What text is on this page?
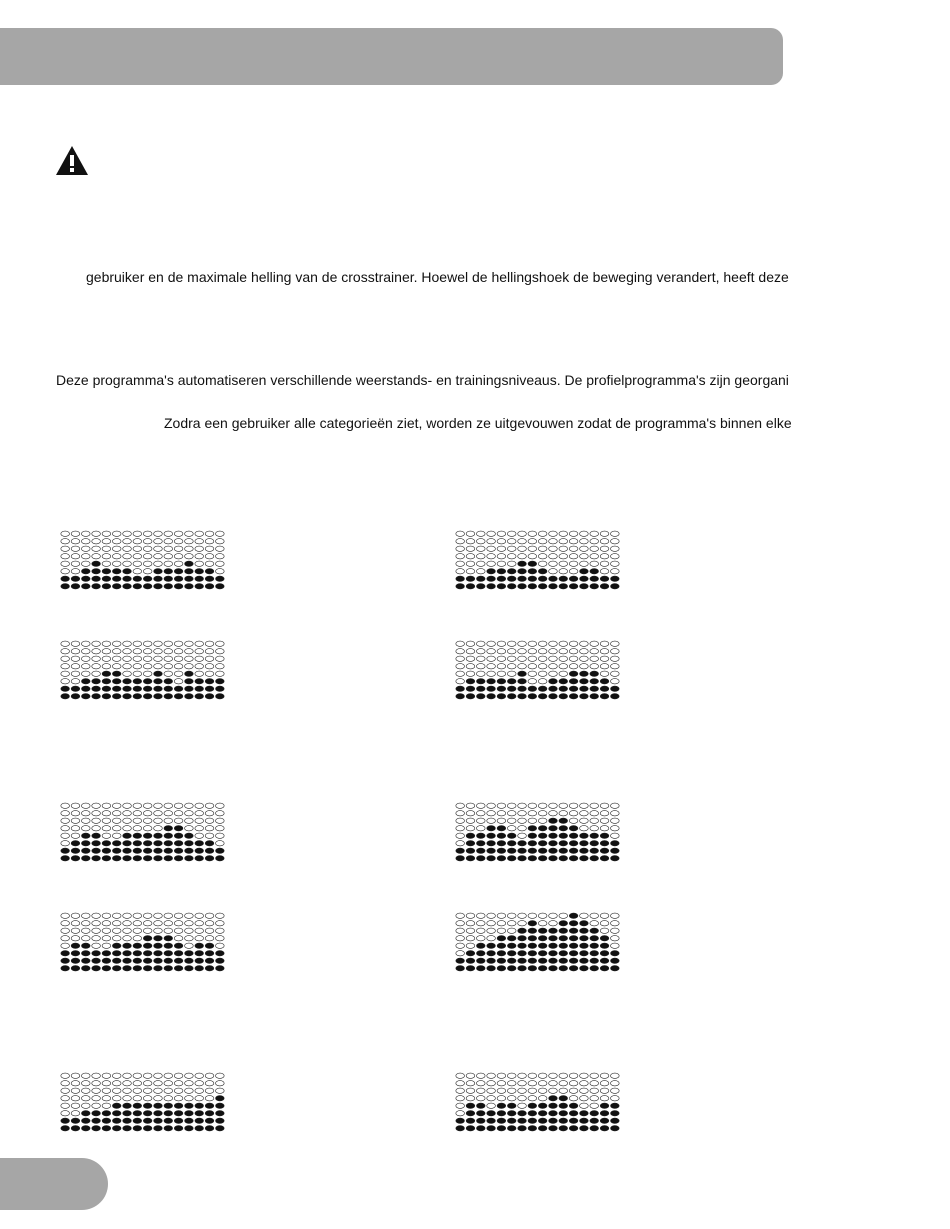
gebruiker en de maximale helling van de crosstrainer. Hoewel de hellingshoek de beweging verandert, heeft deze
Deze programma's automatiseren verschillende weerstands- en trainingsniveaus. De profielprogramma's zijn georgani
Zodra een gebruiker alle categorieën ziet, worden ze uitgevouwen zodat de programma's binnen elke
